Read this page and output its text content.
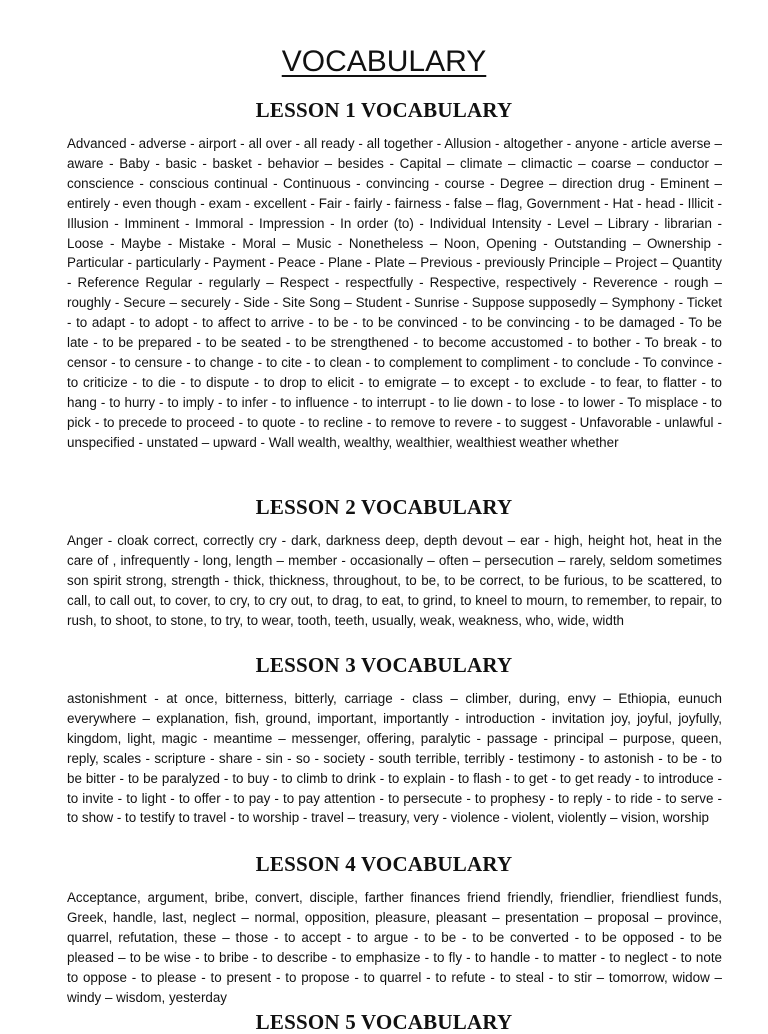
VOCABULARY
LESSON 1 VOCABULARY

Advanced - adverse - airport - all over - all ready - all together - Allusion - altogether - anyone - article averse – aware - Baby - basic - basket - behavior – besides - Capital – climate – climactic – coarse – conductor – conscience - conscious continual - Continuous - convincing - course - Degree – direction drug - Eminent – entirely - even though - exam - excellent - Fair - fairly - fairness - false – flag, Government - Hat - head - Illicit - Illusion - Imminent - Immoral - Impression - In order (to) - Individual Intensity - Level – Library - librarian - Loose - Maybe - Mistake - Moral – Music - Nonetheless – Noon, Opening - Outstanding – Ownership - Particular - particularly - Payment - Peace - Plane - Plate – Previous - previously Principle – Project – Quantity - Reference Regular - regularly – Respect - respectfully - Respective, respectively - Reverence - rough – roughly - Secure – securely - Side - Site Song – Student - Sunrise - Suppose supposedly – Symphony - Ticket - to adapt - to adopt - to affect to arrive - to be - to be convinced - to be convincing - to be damaged - To be late - to be prepared - to be seated - to be strengthened - to become accustomed - to bother - To break - to censor - to censure - to change - to cite - to clean - to complement to compliment - to conclude - To convince - to criticize - to die - to dispute - to drop to elicit - to emigrate – to except - to exclude - to fear, to flatter - to hang - to hurry - to imply - to infer - to influence - to interrupt - to lie down - to lose - to lower - To misplace - to pick - to precede to proceed - to quote - to recline - to remove to revere - to suggest - Unfavorable - unlawful - unspecified - unstated – upward - Wall wealth, wealthy, wealthier, wealthiest weather whether

LESSON 2 VOCABULARY

Anger - cloak correct, correctly cry - dark, darkness deep, depth devout – ear - high, height hot, heat in the care of , infrequently - long, length – member - occasionally – often – persecution – rarely, seldom sometimes son spirit strong, strength - thick, thickness, throughout, to be, to be correct, to be furious, to be scattered, to call, to call out, to cover, to cry, to cry out, to drag, to eat, to grind, to kneel to mourn, to remember, to repair, to rush, to shoot, to stone, to try, to wear, tooth, teeth, usually, weak, weakness, who, wide, width

LESSON 3 VOCABULARY

astonishment - at once, bitterness, bitterly, carriage - class – climber, during, envy – Ethiopia, eunuch everywhere – explanation, fish, ground, important, importantly - introduction - invitation joy, joyful, joyfully, kingdom, light, magic - meantime – messenger, offering, paralytic - passage - principal – purpose, queen, reply, scales - scripture - share - sin - so - society - south terrible, terribly - testimony - to astonish - to be - to be bitter - to be paralyzed - to buy - to climb to drink - to explain - to flash - to get - to get ready - to introduce - to invite - to light - to offer - to pay - to pay attention - to persecute - to prophesy - to reply - to ride - to serve - to show - to testify to travel - to worship - travel – treasury, very - violence - violent, violently – vision, worship

LESSON 4 VOCABULARY

Acceptance, argument, bribe, convert, disciple, farther finances friend friendly, friendlier, friendliest funds, Greek, handle, last, neglect – normal, opposition, pleasure, pleasant – presentation – proposal – province, quarrel, refutation, these – those - to accept - to argue - to be - to be converted - to be opposed - to be pleased – to be wise - to bribe - to describe - to emphasize - to fly - to handle - to matter - to neglect - to note to oppose - to please - to present - to propose - to quarrel - to refute - to steal - to stir – tomorrow, widow – windy – wisdom, yesterday

LESSON 5 VOCABULARY
